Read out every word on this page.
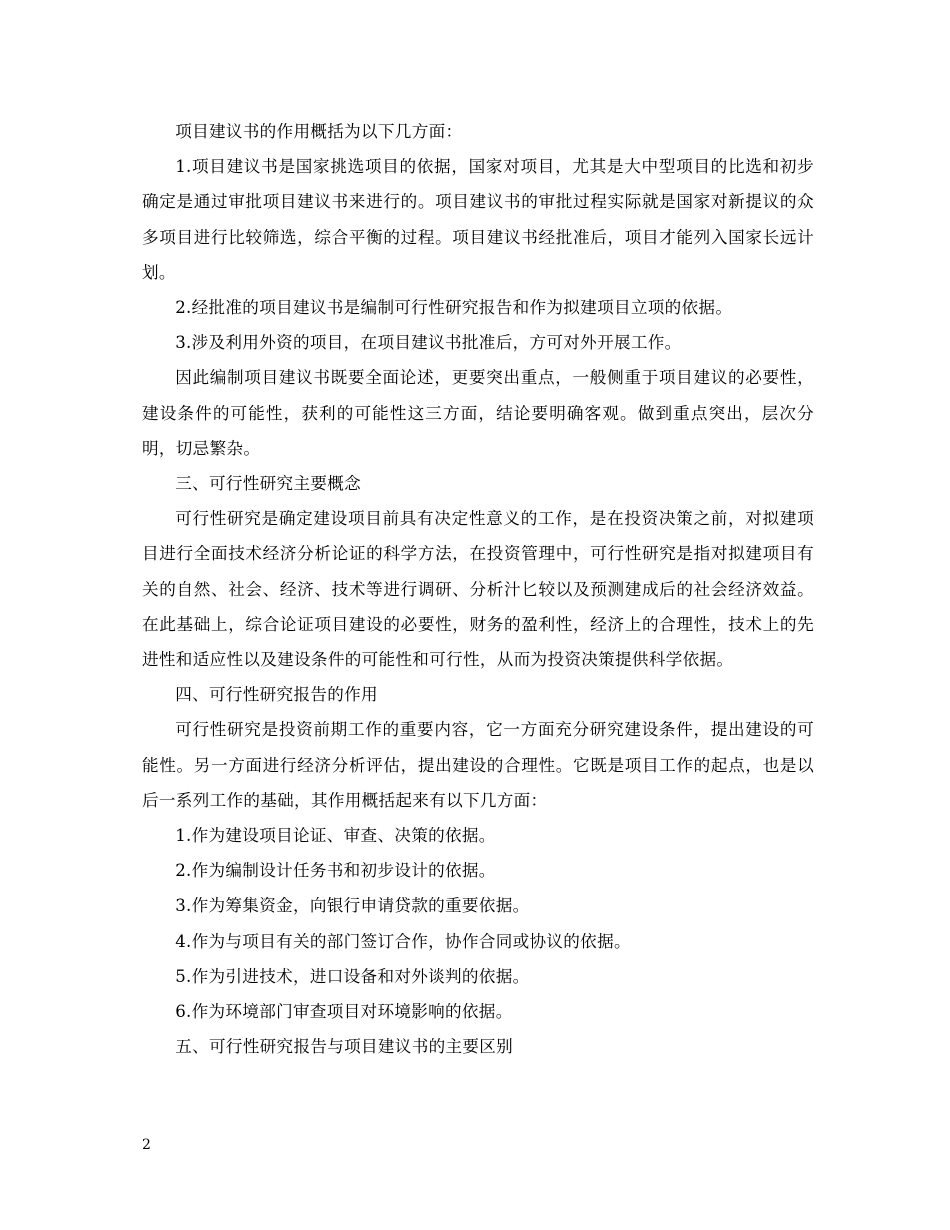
项目建议书的作用概括为以下几方面：

1.项目建议书是国家挑选项目的依据，国家对项目，尤其是大中型项目的比选和初步确定是通过审批项目建议书来进行的。项目建议书的审批过程实际就是国家对新提议的众多项目进行比较筛选，综合平衡的过程。项目建议书经批准后，项目才能列入国家长远计划。

2.经批准的项目建议书是编制可行性研究报告和作为拟建项目立项的依据。

3.涉及利用外资的项目，在项目建议书批准后，方可对外开展工作。

因此编制项目建议书既要全面论述，更要突出重点，一般侧重于项目建议的必要性，建设条件的可能性，获利的可能性这三方面，结论要明确客观。做到重点突出，层次分明，切忌繁杂。

三、可行性研究主要概念

可行性研究是确定建设项目前具有决定性意义的工作，是在投资决策之前，对拟建项目进行全面技术经济分析论证的科学方法，在投资管理中，可行性研究是指对拟建项目有关的自然、社会、经济、技术等进行调研、分析汁匕较以及预测建成后的社会经济效益。在此基础上，综合论证项目建设的必要性，财务的盈利性，经济上的合理性，技术上的先进性和适应性以及建设条件的可能性和可行性，从而为投资决策提供科学依据。

四、可行性研究报告的作用

可行性研究是投资前期工作的重要内容，它一方面充分研究建设条件，提出建设的可能性。另一方面进行经济分析评估，提出建设的合理性。它既是项目工作的起点，也是以后一系列工作的基础，其作用概括起来有以下几方面：

1.作为建设项目论证、审查、决策的依据。

2.作为编制设计任务书和初步设计的依据。

3.作为筹集资金，向银行申请贷款的重要依据。

4.作为与项目有关的部门签订合作，协作合同或协议的依据。

5.作为引进技术，进口设备和对外谈判的依据。

6.作为环境部门审查项目对环境影响的依据。

五、可行性研究报告与项目建议书的主要区别

2
